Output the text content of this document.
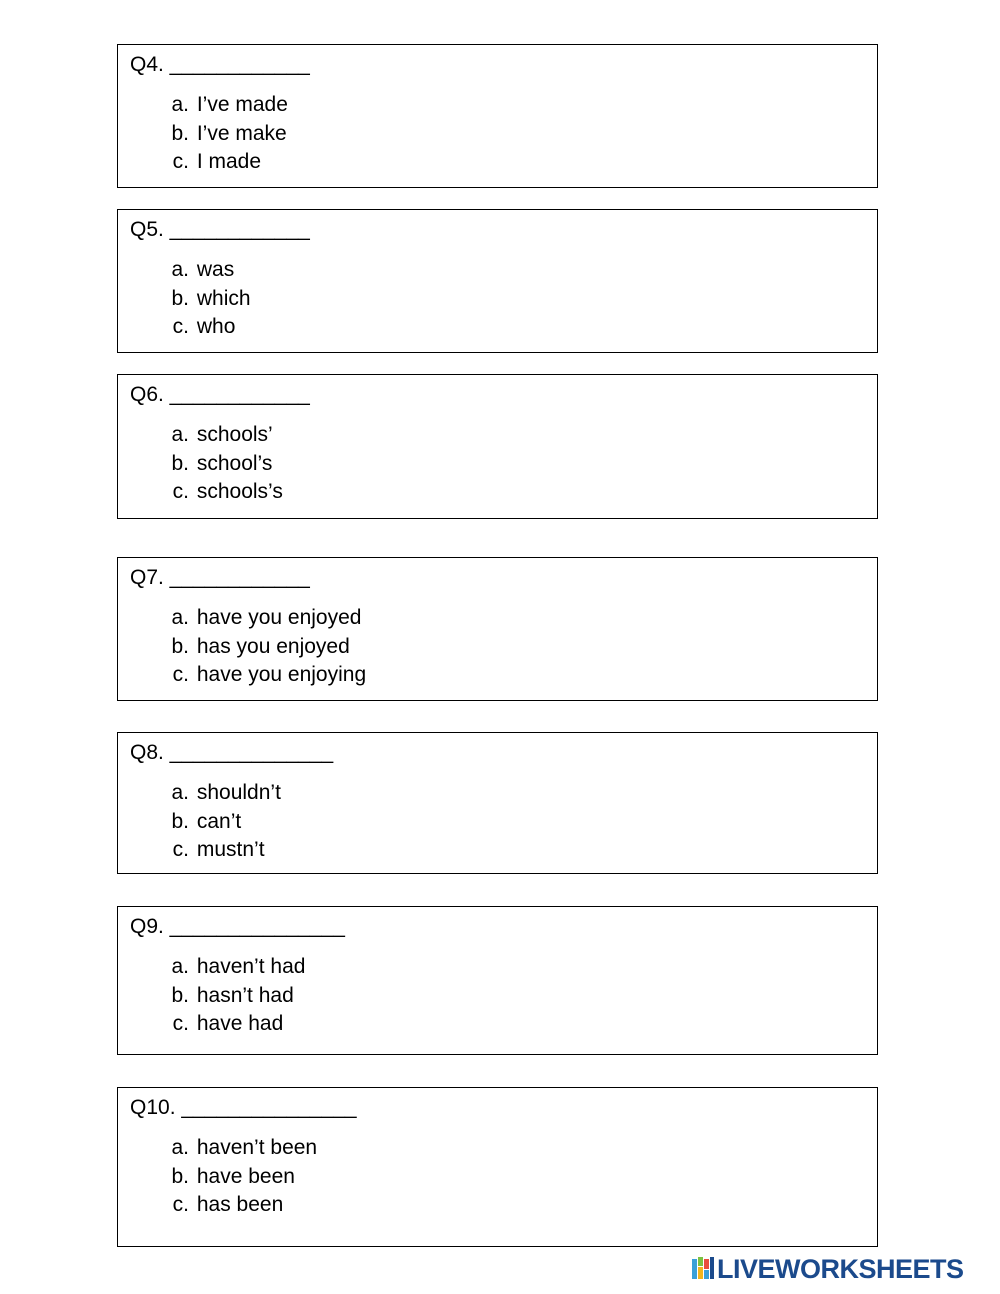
Q4. ____________
a. I’ve made
b. I’ve make
c. I made
Q5. ____________
a. was
b. which
c. who
Q6. ____________
a. schools’
b. school’s
c. schools’s
Q7. ____________
a. have you enjoyed
b. has you enjoyed
c. have you enjoying
Q8. ______________
a. shouldn’t
b. can’t
c. mustn’t
Q9. _______________
a. haven’t had
b. hasn’t had
c. have had
Q10. _______________
a. haven’t been
b. have been
c. has been
LIVEWORKSHEETS
